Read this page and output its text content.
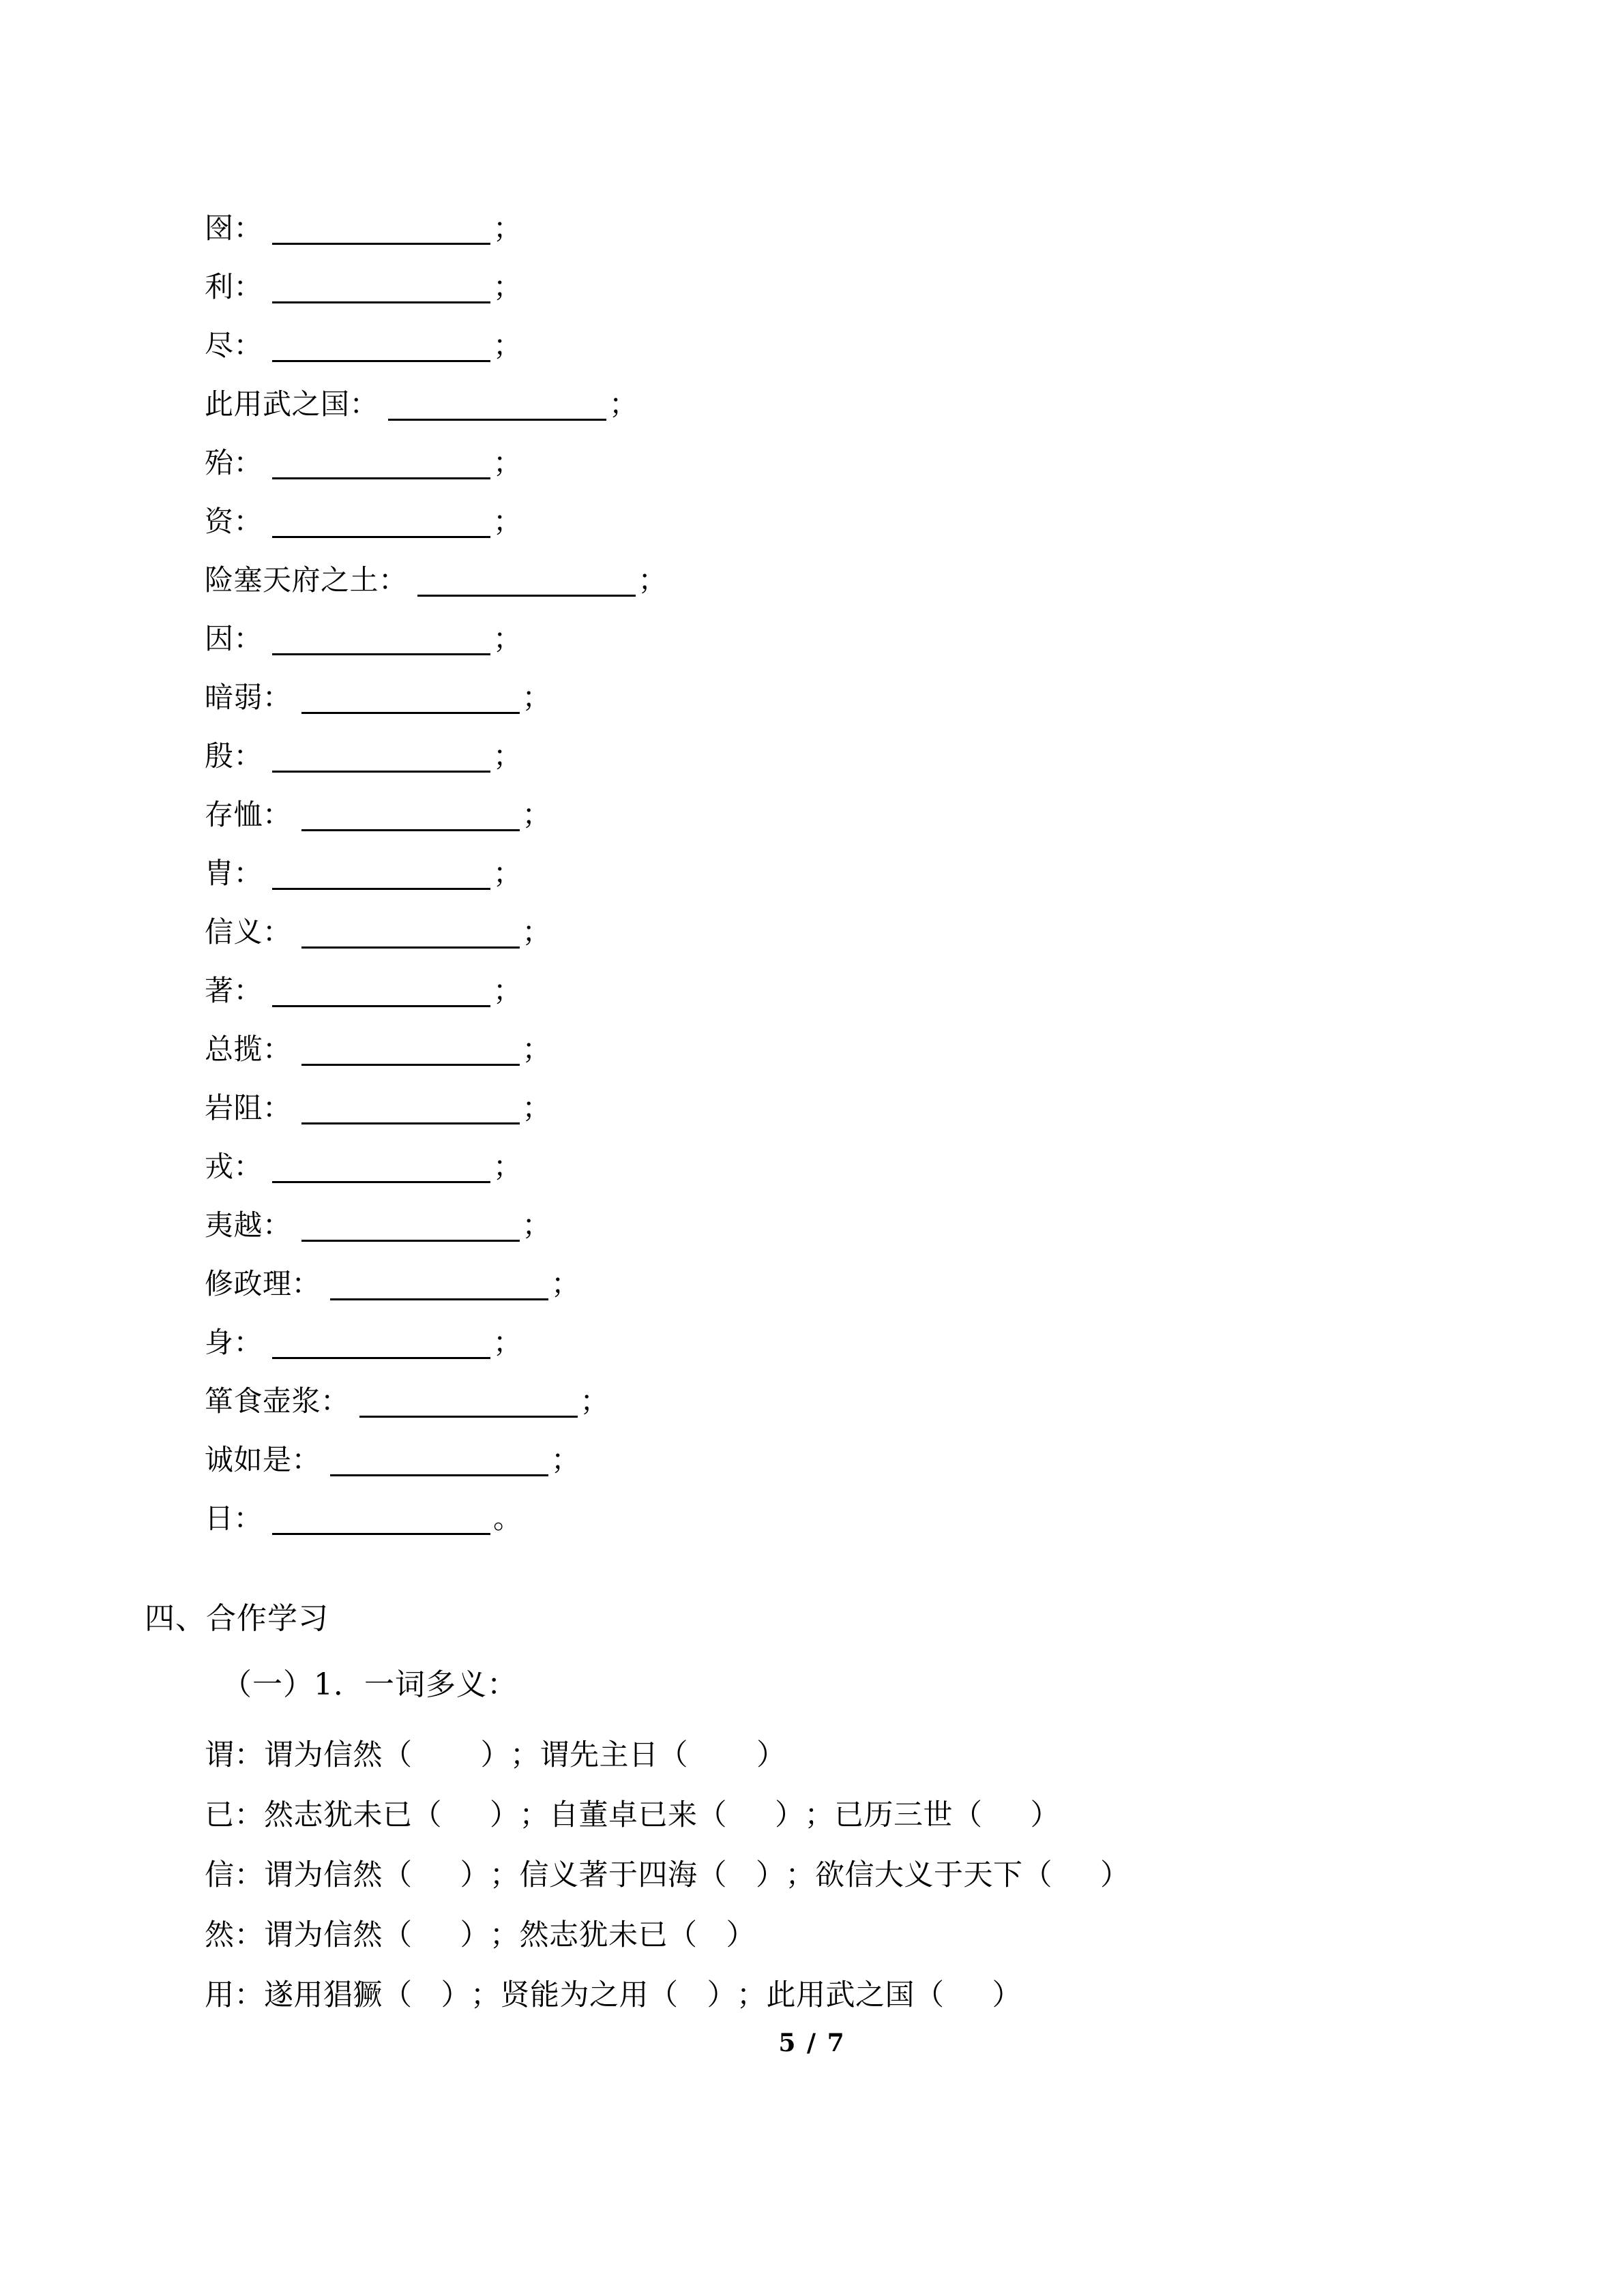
囹：	；
利：	；
尽：	；
此用武之国：	；
殆：	；
资：	；
险塞天府之土：	；
因：	；
暗弱：	；
殷：	；
存恤：	；
胄：	；
信义：	；
著：	；
总揽：	；
岩阻：	；
戎：	；
夷越：	；
修政理：	；
身：	；
箪食壶浆：	；
诚如是：	；
日：	。
四、合作学习
（一）1．一词多义：
谓：谓为信然（ ）；谓先主日（ ）
已：然志犹未已（ ）；自董卓已来（ ）；已历三世（ ）
信：谓为信然（ ）；信义著于四海（ ）；欲信大义于天下（ ）
然：谓为信然（ ）；然志犹未已（ ）
用：遂用猖獗（ ）；贤能为之用（ ）；此用武之国（ ）
5 / 7
